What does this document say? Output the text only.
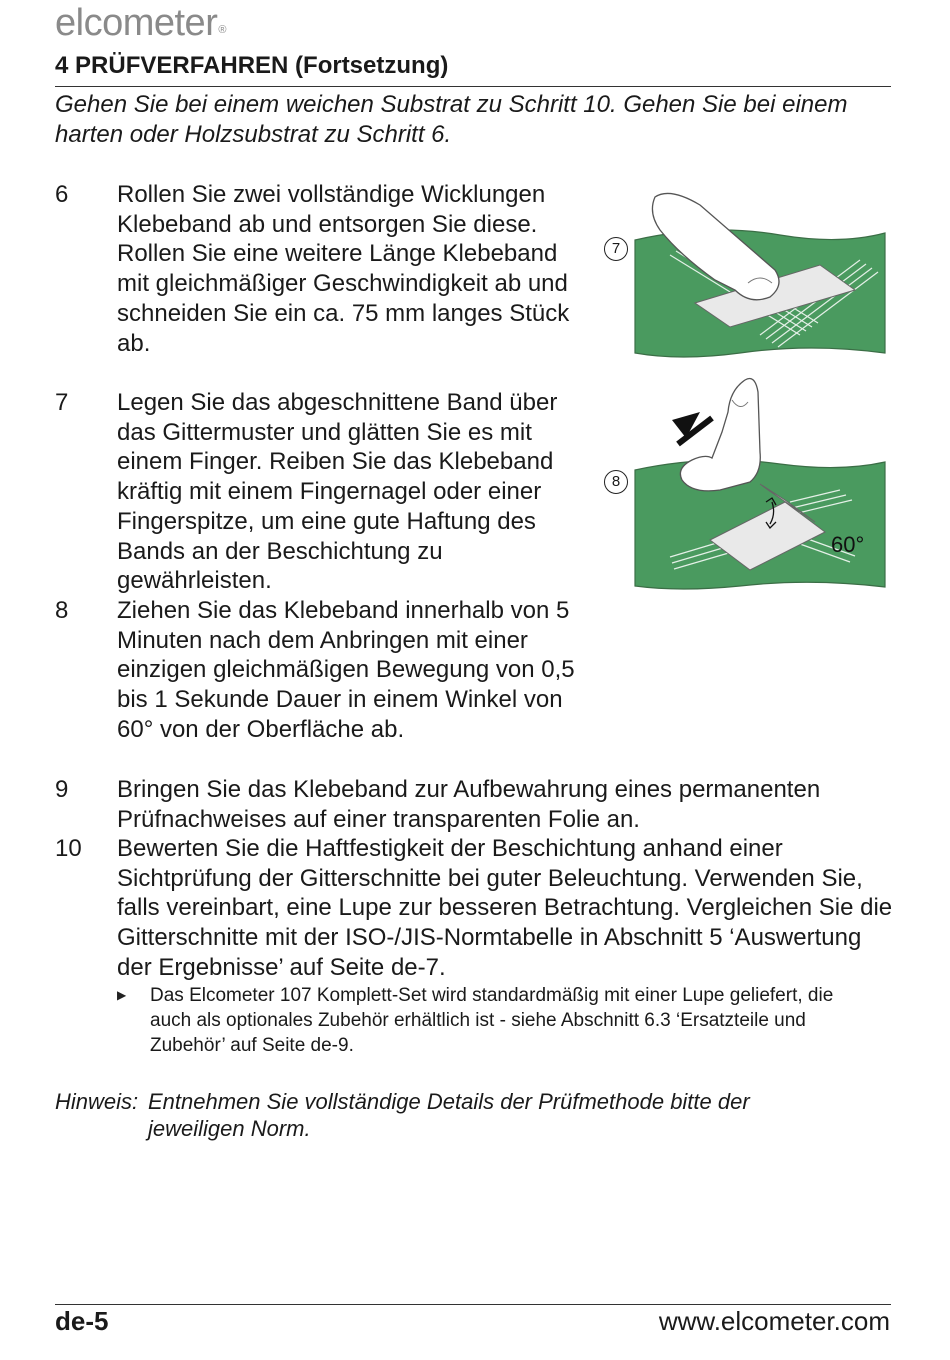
elcometer®
4 PRÜFVERFAHREN (Fortsetzung)

Gehen Sie bei einem weichen Substrat zu Schritt 10. Gehen Sie bei einem harten oder Holzsubstrat zu Schritt 6.

6 Rollen Sie zwei vollständige Wicklungen Klebeband ab und entsorgen Sie diese. Rollen Sie eine weitere Länge Klebeband mit gleichmäßiger Geschwindigkeit ab und schneiden Sie ein ca. 75 mm langes Stück ab.
7 Legen Sie das abgeschnittene Band über das Gittermuster und glätten Sie es mit einem Finger. Reiben Sie das Klebeband kräftig mit einem Fingernagel oder einer Fingerspitze, um eine gute Haftung des Bands an der Beschichtung zu gewährleisten.
8 Ziehen Sie das Klebeband innerhalb von 5 Minuten nach dem Anbringen mit einer einzigen gleichmäßigen Bewegung von 0,5 bis 1 Sekunde Dauer in einem Winkel von 60° von der Oberfläche ab.
9 Bringen Sie das Klebeband zur Aufbewahrung eines permanenten Prüfnachweises auf einer transparenten Folie an.
10 Bewerten Sie die Haftfestigkeit der Beschichtung anhand einer Sichtprüfung der Gitterschnitte bei guter Beleuchtung. Verwenden Sie, falls vereinbart, eine Lupe zur besseren Betrachtung. Vergleichen Sie die Gitterschnitte mit der ISO-/JIS-Normtabelle in Abschnitt 5 ‘Auswertung der Ergebnisse’ auf Seite de-7.
▶ Das Elcometer 107 Komplett-Set wird standardmäßig mit einer Lupe geliefert, die auch als optionales Zubehör erhältlich ist - siehe Abschnitt 6.3 ‘Ersatzteile und Zubehör’ auf Seite de-9.
Hinweis: Entnehmen Sie vollständige Details der Prüfmethode bitte der jeweiligen Norm.
7
8
60°
de-5	www.elcometer.com
